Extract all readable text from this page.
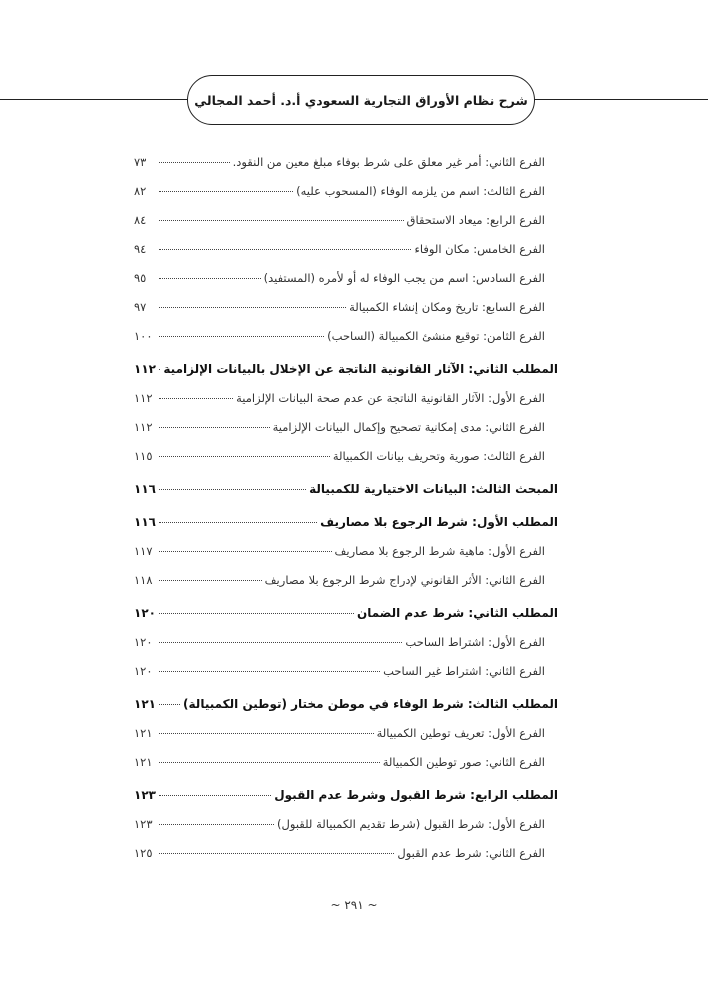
شرح نظام الأوراق التجارية السعودي أ.د. أحمد المجالي
الفرع الثاني: أمر غير معلق على شرط بوفاء مبلغ معين من النقود.
٧٣
الفرع الثالث: اسم من يلزمه الوفاء (المسحوب عليه)
٨٢
الفرع الرابع: ميعاد الاستحقاق
٨٤
الفرع الخامس: مكان الوفاء
٩٤
الفرع السادس: اسم من يجب الوفاء له أو لأمره (المستفيد)
٩٥
الفرع السابع: تاريخ ومكان إنشاء الكمبيالة
٩٧
الفرع الثامن: توقيع منشئ الكمبيالة (الساحب)
١٠٠
المطلب الثاني: الآثار القانونية الناتجة عن الإخلال بالبيانات الإلزامية
١١٢
الفرع الأول: الآثار القانونية الناتجة عن عدم صحة البيانات الإلزامية
١١٢
الفرع الثاني: مدى إمكانية تصحيح وإكمال البيانات الإلزامية
١١٢
الفرع الثالث: صورية وتحريف بيانات الكمبيالة
١١٥
المبحث الثالث: البيانات الاختيارية للكمبيالة
١١٦
المطلب الأول: شرط الرجوع بلا مصاريف
١١٦
الفرع الأول: ماهية شرط الرجوع بلا مصاريف
١١٧
الفرع الثاني: الأثر القانوني لإدراج شرط الرجوع بلا مصاريف
١١٨
المطلب الثاني: شرط عدم الضمان
١٢٠
الفرع الأول: اشتراط الساحب
١٢٠
الفرع الثاني: اشتراط غير الساحب
١٢٠
المطلب الثالث: شرط الوفاء في موطن مختار (توطين الكمبيالة)
١٢١
الفرع الأول: تعريف توطين الكمبيالة
١٢١
الفرع الثاني: صور توطين الكمبيالة
١٢١
المطلب الرابع: شرط القبول وشرط عدم القبول
١٢٣
الفرع الأول: شرط القبول (شرط تقديم الكمبيالة للقبول)
١٢٣
الفرع الثاني: شرط عدم القبول
١٢٥
~ ٢٩١ ~
